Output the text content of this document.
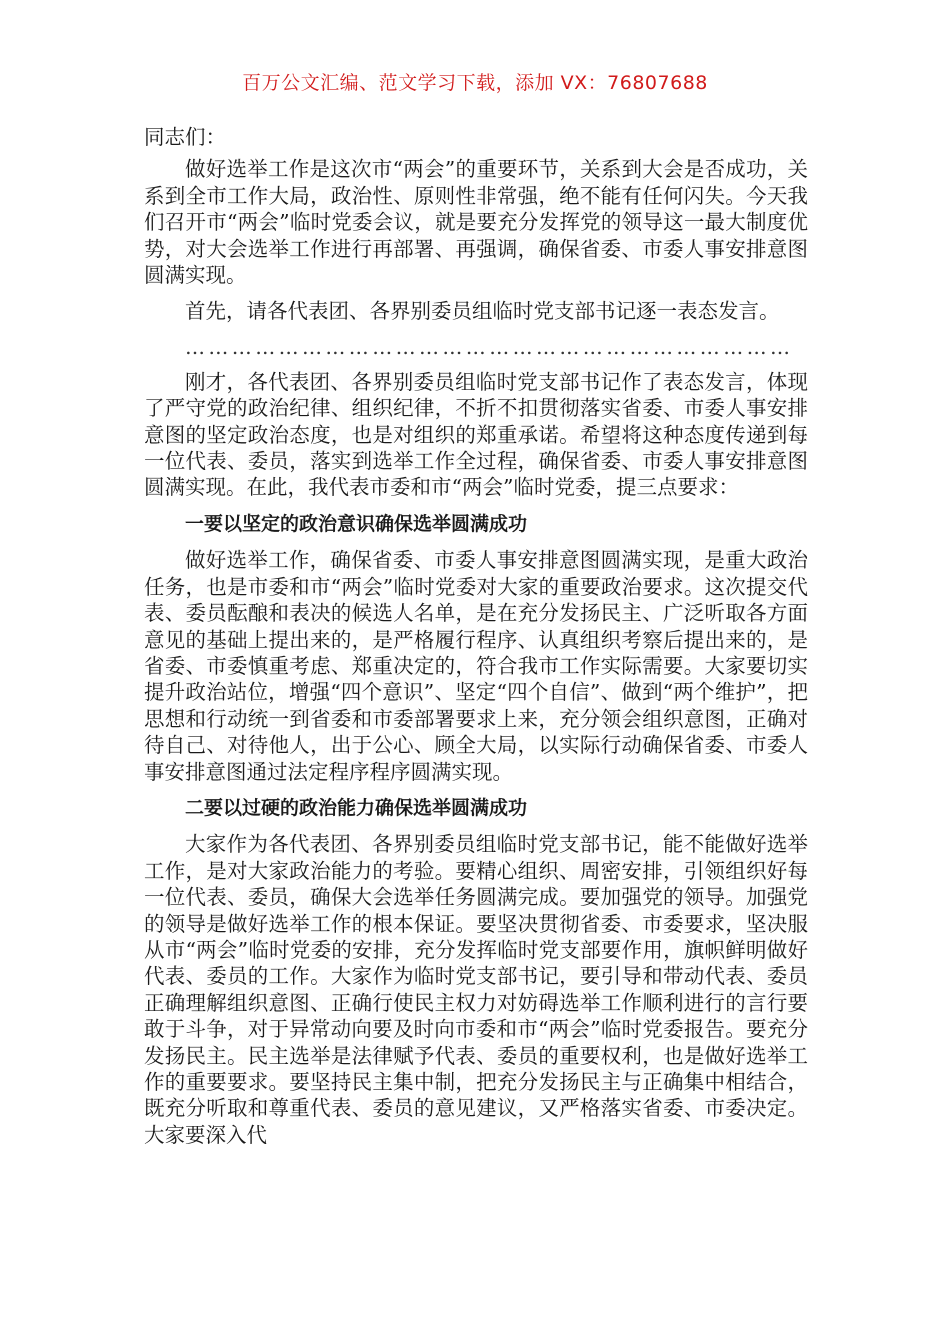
百万公文汇编、范文学习下载，添加 VX：76807688

同志们：

做好选举工作是这次市“两会”的重要环节，关系到大会是否成功，关系到全市工作大局，政治性、原则性非常强，绝不能有任何闪失。今天我们召开市“两会”临时党委会议，就是要充分发挥党的领导这一最大制度优势，对大会选举工作进行再部署、再强调，确保省委、市委人事安排意图圆满实现。

首先，请各代表团、各界别委员组临时党支部书记逐一表态发言。

……………………………………………………………………

刚才，各代表团、各界别委员组临时党支部书记作了表态发言，体现了严守党的政治纪律、组织纪律，不折不扣贯彻落实省委、市委人事安排意图的坚定政治态度，也是对组织的郑重承诺。希望将这种态度传递到每一位代表、委员，落实到选举工作全过程，确保省委、市委人事安排意图圆满实现。在此，我代表市委和市“两会”临时党委，提三点要求：

一要以坚定的政治意识确保选举圆满成功

做好选举工作，确保省委、市委人事安排意图圆满实现，是重大政治任务，也是市委和市“两会”临时党委对大家的重要政治要求。这次提交代表、委员酝酿和表决的候选人名单，是在充分发扬民主、广泛听取各方面意见的基础上提出来的，是严格履行程序、认真组织考察后提出来的，是省委、市委慎重考虑、郑重决定的，符合我市工作实际需要。大家要切实提升政治站位，增强“四个意识”、坚定“四个自信”、做到“两个维护”，把思想和行动统一到省委和市委部署要求上来，充分领会组织意图，正确对待自己、对待他人，出于公心、顾全大局，以实际行动确保省委、市委人事安排意图通过法定程序程序圆满实现。

二要以过硬的政治能力确保选举圆满成功

大家作为各代表团、各界别委员组临时党支部书记，能不能做好选举工作，是对大家政治能力的考验。要精心组织、周密安排，引领组织好每一位代表、委员，确保大会选举任务圆满完成。要加强党的领导。加强党的领导是做好选举工作的根本保证。要坚决贯彻省委、市委要求，坚决服从市“两会”临时党委的安排，充分发挥临时党支部要作用，旗帜鲜明做好代表、委员的工作。大家作为临时党支部书记，要引导和带动代表、委员正确理解组织意图、正确行使民主权力对妨碍选举工作顺利进行的言行要敢于斗争，对于异常动向要及时向市委和市“两会”临时党委报告。要充分发扬民主。民主选举是法律赋予代表、委员的重要权利，也是做好选举工作的重要要求。要坚持民主集中制，把充分发扬民主与正确集中相结合，既充分听取和尊重代表、委员的意见建议，又严格落实省委、市委决定。大家要深入代
